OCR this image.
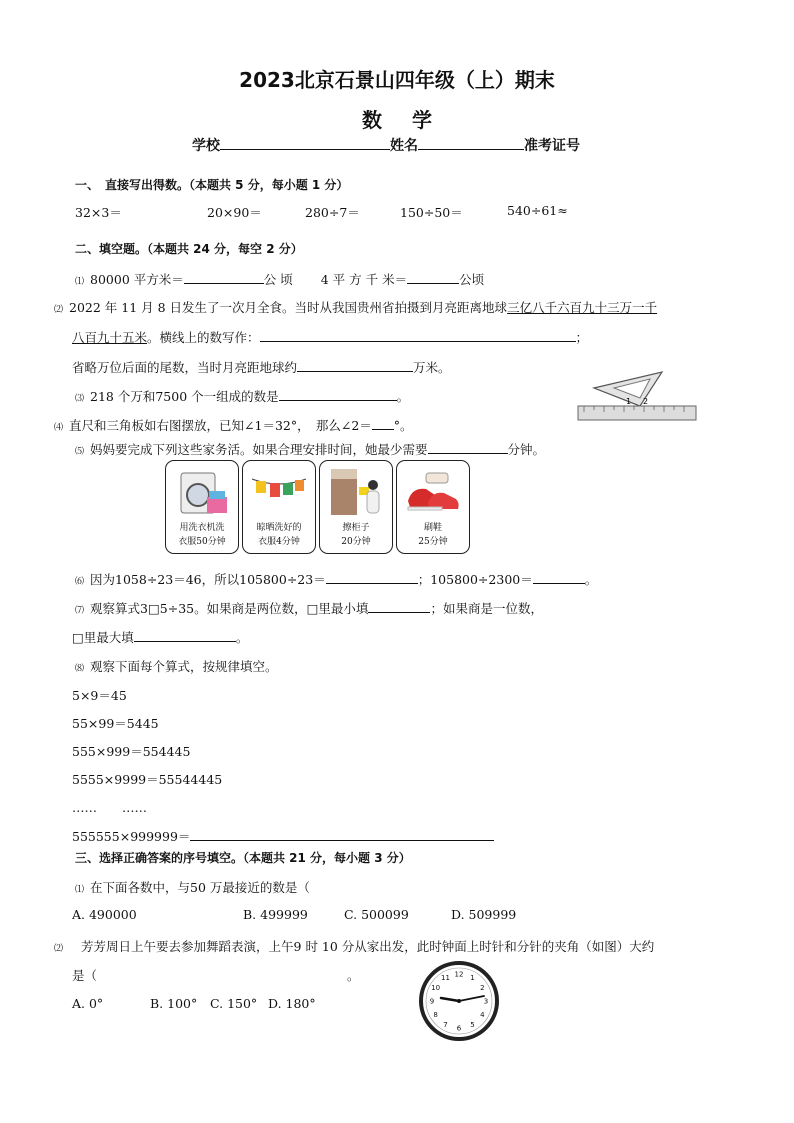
2023北京石景山四年级（上）期末
数学
学校	姓名	准考证号
一、　直接写出得数。（本题共 5 分，每小题 1 分）
32×3＝	20×90＝	280÷7＝	150÷50＝	540÷61≈
二、填空题。（本题共 24 分，每空 2 分）
⑴ 80000 平方米＝	公 顷 4 平 方 千 米＝	公顷
⑵ 2022 年 11 月 8 日发生了一次月全食。当时从我国贵州省拍摄到月亮距离地球三亿八千六百九十三万一千
八百九十五米。横线上的数写作：	；
省略万位后面的尾数，当时月亮距地球约	万米。
⑶ 218 个万和7500 个一组成的数是	。
⑷ 直尺和三角板如右图摆放，已知∠1＝32°，　那么∠2＝ °。
1 2
⑸ 妈妈要完成下列这些家务活。如果合理安排时间，她最少需要	分钟。
用洗衣机洗
衣服50分钟
晾晒洗好的
衣服4分钟
擦柜子
20分钟
刷鞋
25分钟
⑹ 因为1058÷23＝46，所以105800÷23＝	；105800÷2300＝	。
⑺ 观察算式3□5÷35。如果商是两位数，□里最小填	；如果商是一位数，
□里最大填	。
⑻ 观察下面每个算式，按规律填空。
5×9＝45
55×99＝5445
555×999＝554445
5555×9999＝55544445
……　　……
555555×999999＝
三、选择正确答案的序号填空。（本题共 21 分，每小题 3 分）
⑴ 在下面各数中，与50 万最接近的数是（
A. 490000	B. 499999	C. 500099	D. 509999
⑵ 芳芳周日上午要去参加舞蹈表演，上午9 时 10 分从家出发，此时钟面上时针和分针的夹角（如图）大约
是（	。
A. 0°	B. 100° C. 150° D. 180°
12 1
2
3
4
5
6
7
8
9
10
11
